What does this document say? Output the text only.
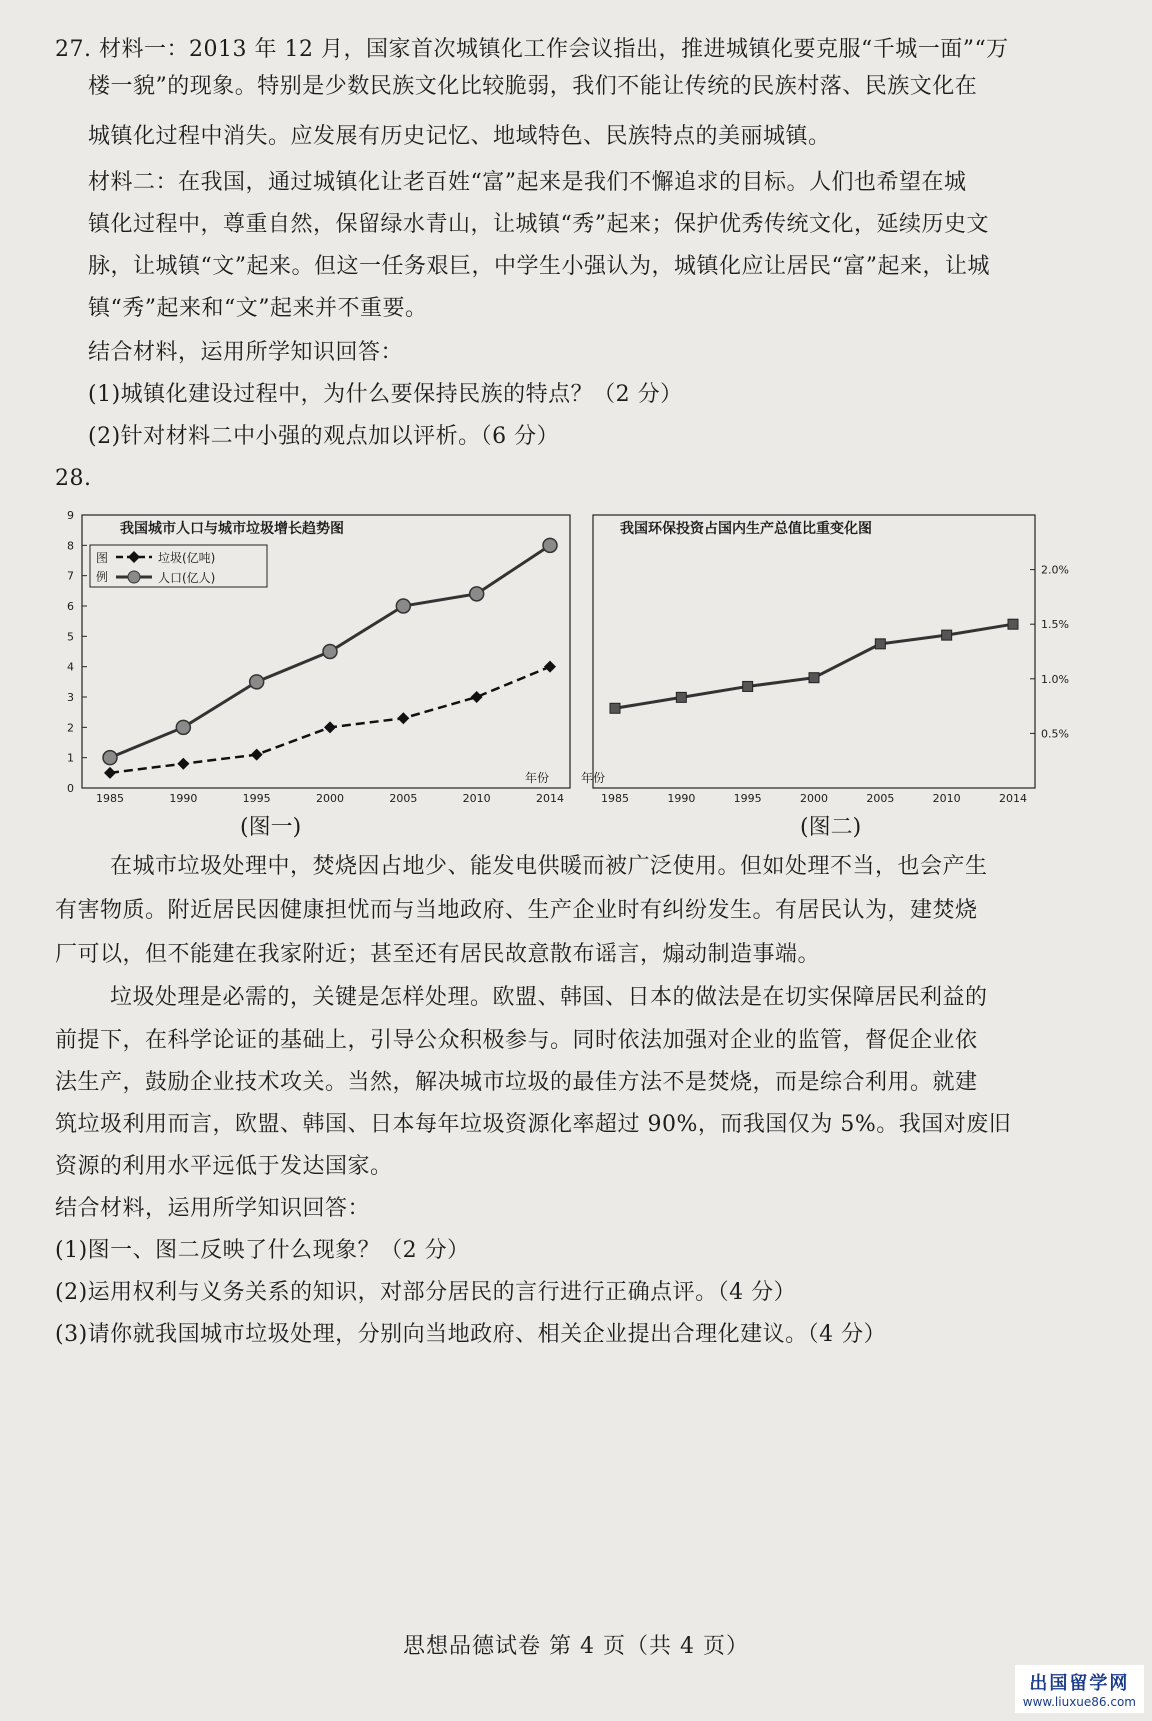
27. 材料一：2013 年 12 月，国家首次城镇化工作会议指出，推进城镇化要克服“千城一面”“万
楼一貌”的现象。特别是少数民族文化比较脆弱，我们不能让传统的民族村落、民族文化在
城镇化过程中消失。应发展有历史记忆、地域特色、民族特点的美丽城镇。
材料二：在我国，通过城镇化让老百姓“富”起来是我们不懈追求的目标。人们也希望在城
镇化过程中，尊重自然，保留绿水青山，让城镇“秀”起来；保护优秀传统文化，延续历史文
脉，让城镇“文”起来。但这一任务艰巨，中学生小强认为，城镇化应让居民“富”起来，让城
镇“秀”起来和“文”起来并不重要。
结合材料，运用所学知识回答：
(1)城镇化建设过程中，为什么要保持民族的特点？（2 分）
(2)针对材料二中小强的观点加以评析。（6 分）
28.
0
1
2
3
4
5
6
7
8
9
1985	1990	1995	2000	2005	2010	2014
年份
我国城市人口与城市垃圾增长趋势图
图
例
垃圾(亿吨)
人口(亿人)
0.5%
1.0%
1.5%
2.0%
1985	1990	1995	2000	2005	2010	2014
年份
我国环保投资占国内生产总值比重变化图
(图一)	(图二)
在城市垃圾处理中，焚烧因占地少、能发电供暖而被广泛使用。但如处理不当，也会产生
有害物质。附近居民因健康担忧而与当地政府、生产企业时有纠纷发生。有居民认为，建焚烧
厂可以，但不能建在我家附近；甚至还有居民故意散布谣言，煽动制造事端。
垃圾处理是必需的，关键是怎样处理。欧盟、韩国、日本的做法是在切实保障居民利益的
前提下，在科学论证的基础上，引导公众积极参与。同时依法加强对企业的监管，督促企业依
法生产，鼓励企业技术攻关。当然，解决城市垃圾的最佳方法不是焚烧，而是综合利用。就建
筑垃圾利用而言，欧盟、韩国、日本每年垃圾资源化率超过 90%，而我国仅为 5%。我国对废旧
资源的利用水平远低于发达国家。
结合材料，运用所学知识回答：
(1)图一、图二反映了什么现象？（2 分）
(2)运用权利与义务关系的知识，对部分居民的言行进行正确点评。（4 分）
(3)请你就我国城市垃圾处理，分别向当地政府、相关企业提出合理化建议。（4 分）
思想品德试卷 第 4 页（共 4 页）
出国留学网
www.liuxue86.com
